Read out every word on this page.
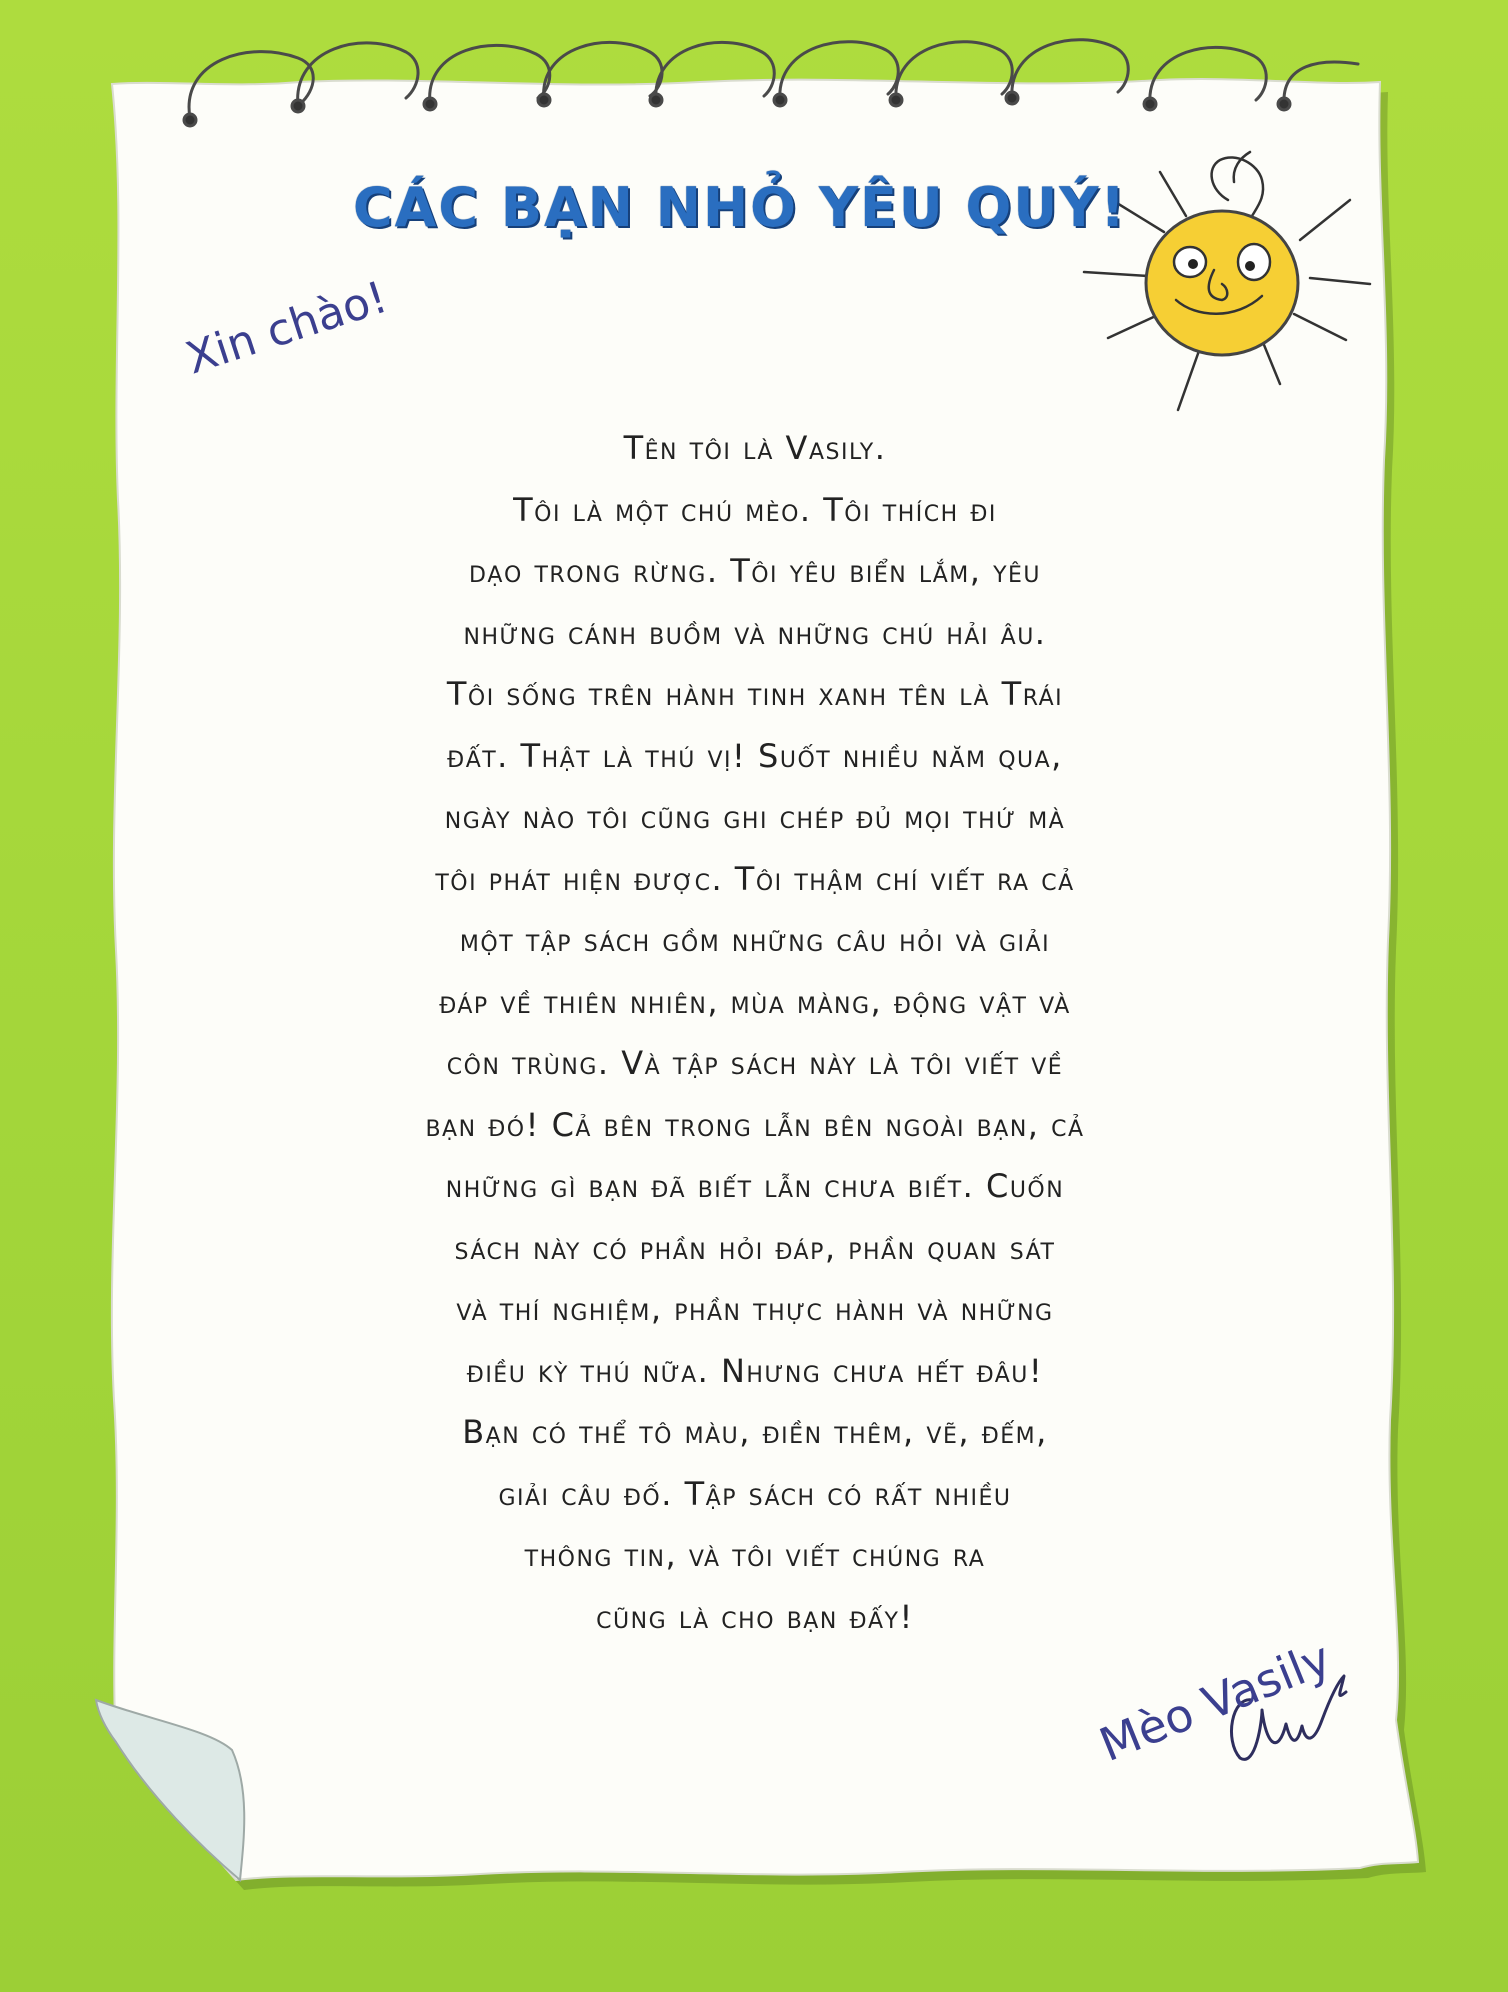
CÁC BẠN NHỎ YÊU QUÝ!
Xin chào!
Tên tôi là Vasily.
Tôi là một chú mèo. Tôi thích đi
dạo trong rừng. Tôi yêu biển lắm, yêu
những cánh buồm và những chú hải âu.
Tôi sống trên hành tinh xanh tên là Trái
đất. Thật là thú vị! Suốt nhiều năm qua,
ngày nào tôi cũng ghi chép đủ mọi thứ mà
tôi phát hiện được. Tôi thậm chí viết ra cả
một tập sách gồm những câu hỏi và giải
đáp về thiên nhiên, mùa màng, động vật và
côn trùng. Và tập sách này là tôi viết về
bạn đó! Cả bên trong lẫn bên ngoài bạn, cả
những gì bạn đã biết lẫn chưa biết. Cuốn
sách này có phần hỏi đáp, phần quan sát
và thí nghiệm, phần thực hành và những
điều kỳ thú nữa. Nhưng chưa hết đâu!
Bạn có thể tô màu, điền thêm, vẽ, đếm,
giải câu đố. Tập sách có rất nhiều
thông tin, và tôi viết chúng ra
cũng là cho bạn đấy!
Mèo Vasily
